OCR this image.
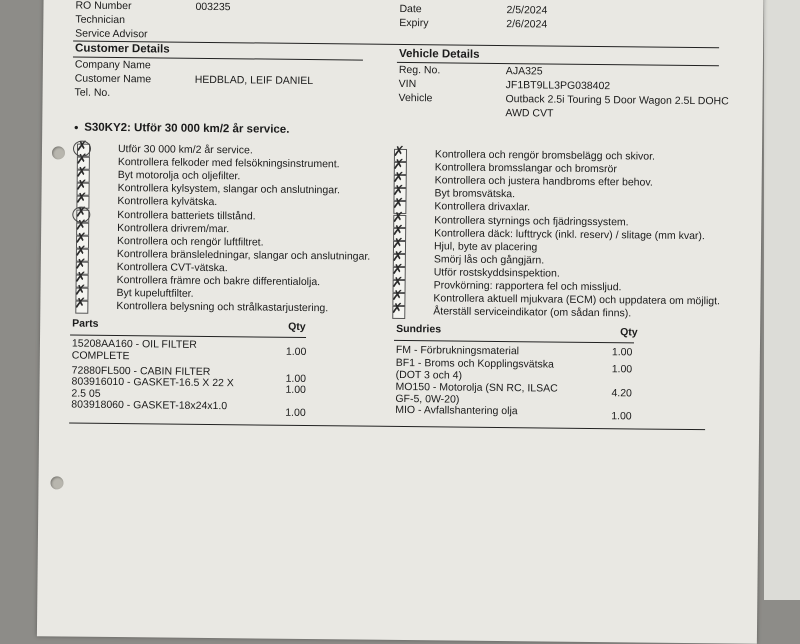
RO Number	003235
Technician
Service Advisor
Date	2/5/2024
Expiry	2/6/2024
Customer Details
Company Name
Customer Name	HEDBLAD, LEIF DANIEL
Tel. No.
Vehicle Details
Reg. No.	AJA325
VIN	JF1BT9LL3PG038402
Vehicle	Outback 2.5i Touring 5 Door Wagon 2.5L DOHC
AWD CVT
• S30KY2: Utför 30 000 km/2 år service.
✗
Utför 30 000 km/2 år service.
✗
Kontrollera felkoder med felsökningsinstrument.
✗
Byt motorolja och oljefilter.
✗
Kontrollera kylsystem, slangar och anslutningar.
✗
Kontrollera kylvätska.
✗
Kontrollera batteriets tillstånd.
✗
Kontrollera drivrem/mar.
✗
Kontrollera och rengör luftfiltret.
✗
Kontrollera bränsleledningar, slangar och anslutningar.
✗
Kontrollera CVT-vätska.
✗
Kontrollera främre och bakre differentialolja.
✗
Byt kupeluftfilter.
✗
Kontrollera belysning och strålkastarjustering.
✗
Kontrollera och rengör bromsbelägg och skivor.
✗
Kontrollera bromsslangar och bromsrör
✗
Kontrollera och justera handbroms efter behov.
✗
Byt bromsvätska.
✗
Kontrollera drivaxlar.
✗
Kontrollera styrnings och fjädringssystem.
✗
Kontrollera däck: lufttryck (inkl. reserv) / slitage (mm kvar).
✗
Hjul, byte av placering
✗
Smörj lås och gångjärn.
✗
Utför rostskyddsinspektion.
✗
Provkörning: rapportera fel och missljud.
✗
Kontrollera aktuell mjukvara (ECM) och uppdatera om möjligt.
✗
Återställ serviceindikator (om sådan finns).
Parts	Qty
15208AA160 - OIL FILTER COMPLETE	1.00
72880FL500 - CABIN FILTER
1.00
803916010 - GASKET-16.5 X 22 X 2.5 05	1.00
803918060 - GASKET-18x24x1.0
1.00
Sundries	Qty
FM - Förbrukningsmaterial	1.00
BF1 - Broms och Kopplingsvätska (DOT 3 och 4)	1.00
MO150 - Motorolja (SN RC, ILSAC GF-5, 0W-20)	4.20
MIO - Avfallshantering olja	1.00
